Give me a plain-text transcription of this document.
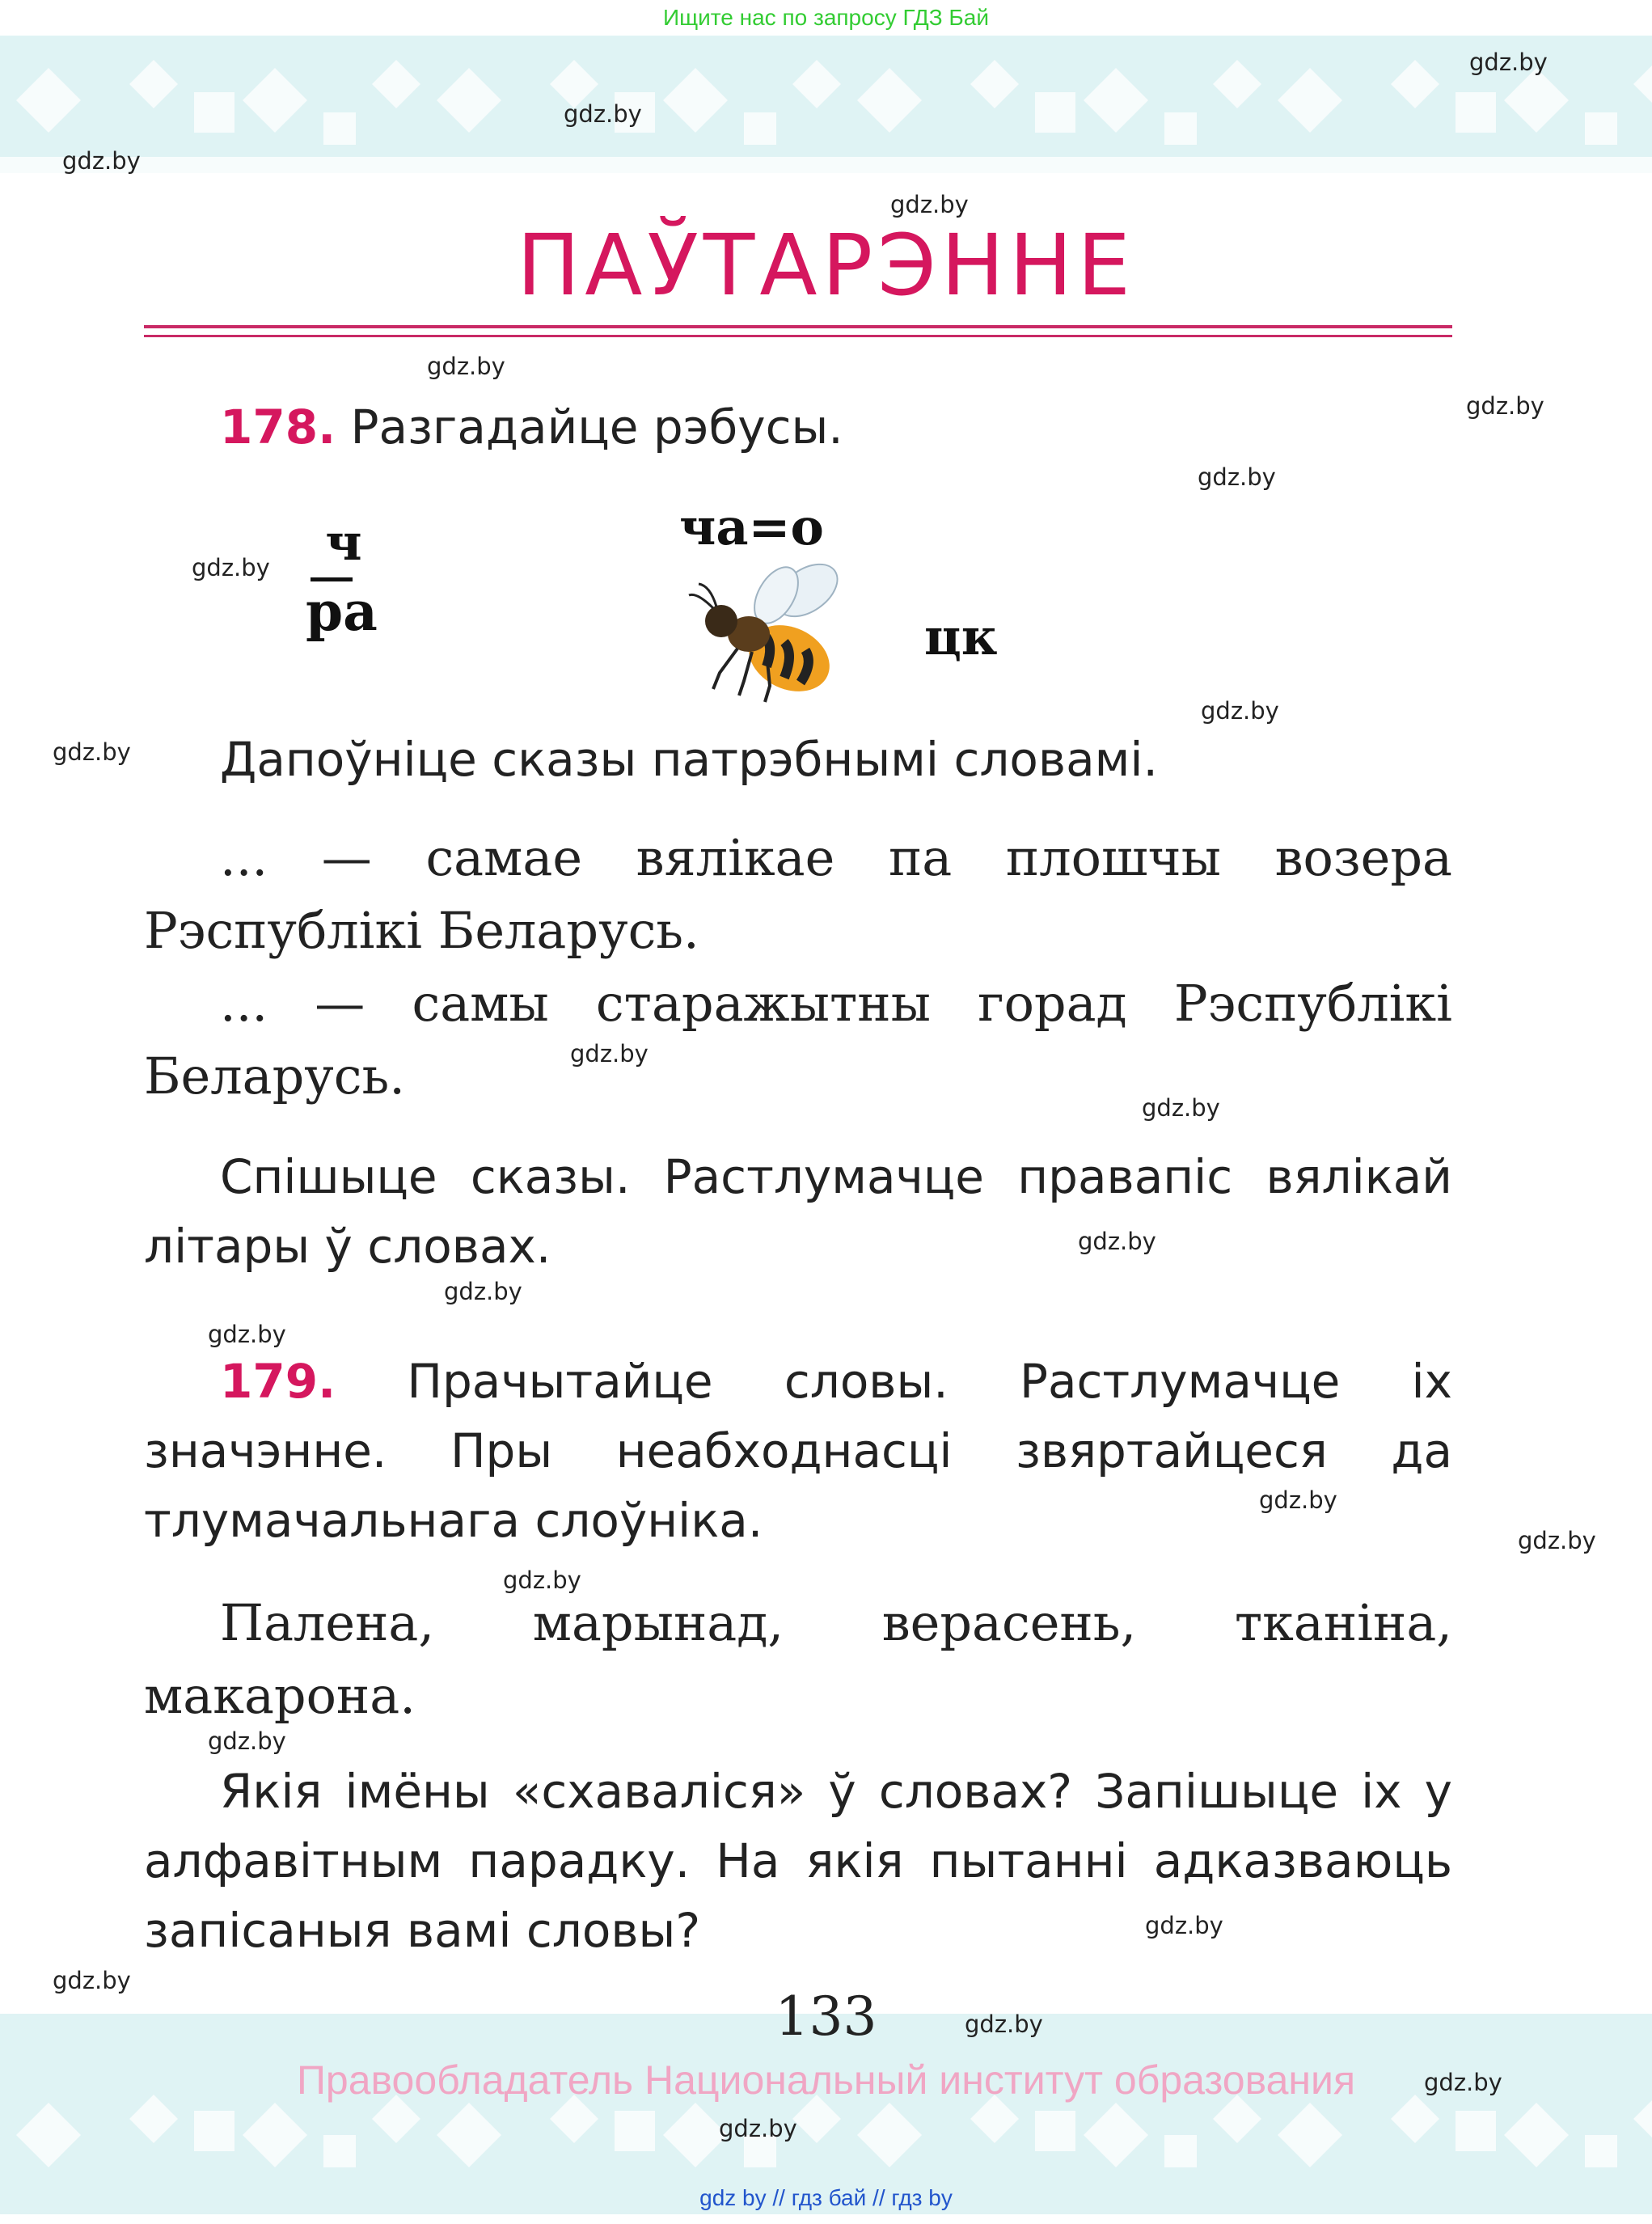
Ищите нас по запросу ГДЗ Бай
gdz.by
gdz.by
gdz.by
gdz.by
gdz.by
gdz.by
gdz.by
gdz.by
gdz.by
gdz.by
gdz.by
gdz.by
gdz.by
gdz.by
gdz.by
gdz.by
gdz.by
gdz.by
gdz.by
gdz.by
gdz.by
gdz.by
gdz.by
gdz.by
ПАЎТАРЭННЕ
178. Разгадайце рэбусы.
ч
ра
ча=о
цк
Дапоўніце сказы патрэбнымі словамі.
... — самае вялікае па плошчы возера Рэспублікі Беларусь.
... — самы старажытны горад Рэспублікі Беларусь.
Спішыце сказы. Растлумачце правапіс вялікай літары ў словах.
179. Прачытайце словы. Растлумачце іх значэнне. Пры неабходнасці звяртайцеся да тлумачальнага слоўніка.
Палена, марынад, верасень, тканіна, макарона.
Якія імёны «схаваліся» ў словах? Запішыце іх у алфавітным парадку. На якія пытанні адказваюць запісаныя вамі словы?
133
Правообладатель Национальный институт образования
gdz by // гдз бай // гдз by
